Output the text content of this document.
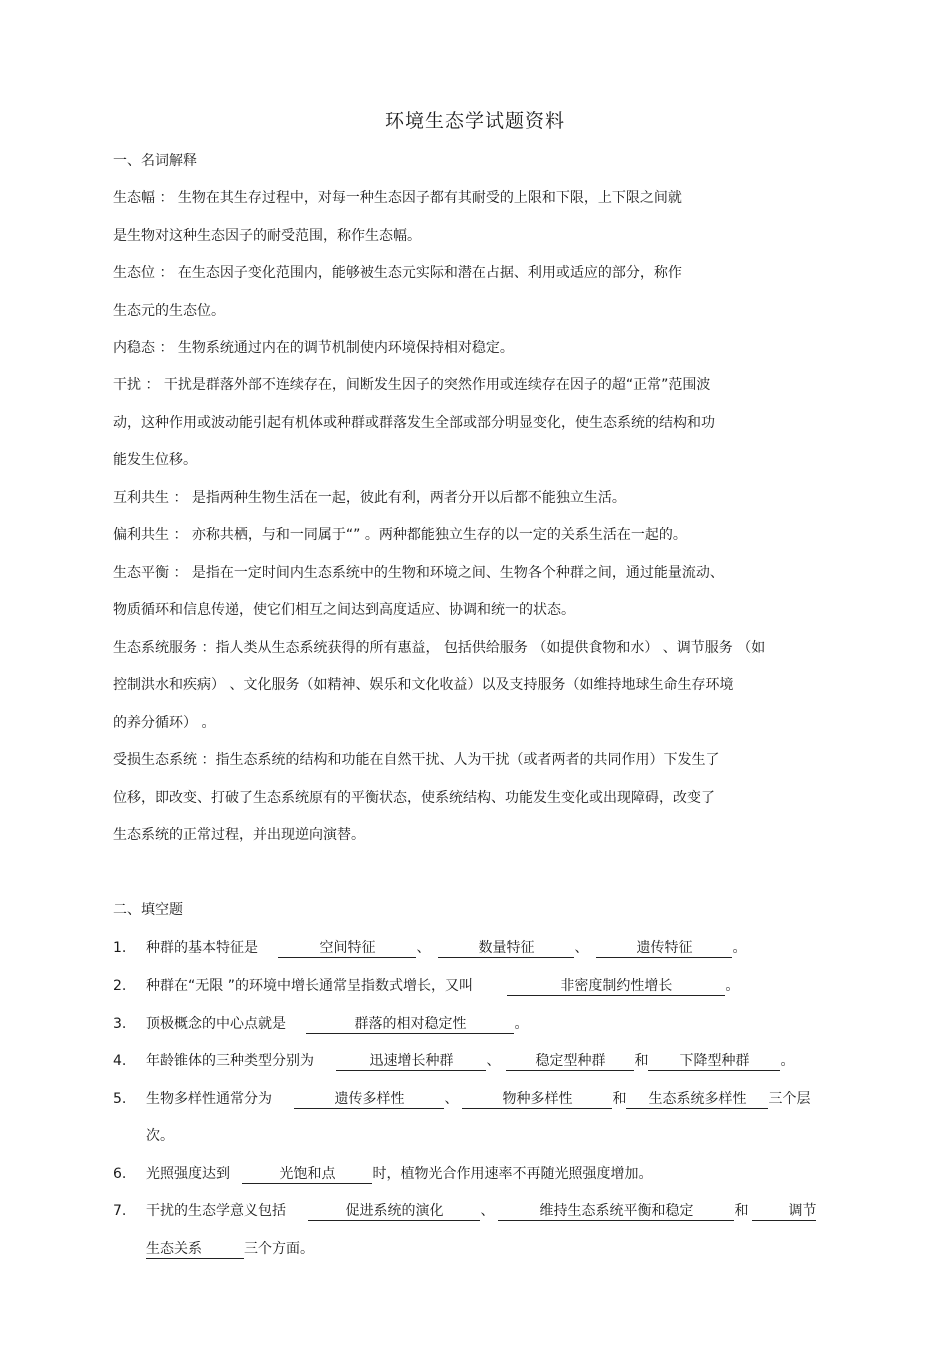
环境生态学试题资料
一、名词解释
生态幅 ： 生物在其生存过程中，对每一种生态因子都有其耐受的上限和下限，上下限之间就
是生物对这种生态因子的耐受范围，称作生态幅。
生态位 ： 在生态因子变化范围内，能够被生态元实际和潜在占据、利用或适应的部分，称作
生态元的生态位。
内稳态 ： 生物系统通过内在的调节机制使内环境保持相对稳定。
干扰 ： 干扰是群落外部不连续存在，间断发生因子的突然作用或连续存在因子的超“正常”范围波
动，这种作用或波动能引起有机体或种群或群落发生全部或部分明显变化，使生态系统的结构和功
能发生位移。
互利共生 ： 是指两种生物生活在一起，彼此有利，两者分开以后都不能独立生活。
偏利共生 ： 亦称共栖，与和一同属于“” 。两种都能独立生存的以一定的关系生活在一起的。
生态平衡 ： 是指在一定时间内生态系统中的生物和环境之间、生物各个种群之间，通过能量流动、
物质循环和信息传递，使它们相互之间达到高度适应、协调和统一的状态。
生态系统服务 ：指人类从生态系统获得的所有惠益， 包括供给服务 （如提供食物和水） 、调节服务 （如
控制洪水和疾病） 、文化服务（如精神、娱乐和文化收益）以及支持服务（如维持地球生命生存环境
的养分循环） 。
受损生态系统 ：指生态系统的结构和功能在自然干扰、人为干扰（或者两者的共同作用）下发生了
位移，即改变、打破了生态系统原有的平衡状态，使系统结构、功能发生变化或出现障碍，改变了
生态系统的正常过程，并出现逆向演替。
二、填空题
1. 种群的基本特征是	空间特征	、	数量特征	、	遗传特征	。
2. 种群在“无限 ”的环境中增长通常呈指数式增长，又叫	非密度制约性增长	。
3. 顶极概念的中心点就是	群落的相对稳定性	。
4. 年龄锥体的三种类型分别为	迅速增长种群 、	稳定型种群 和 下降型种群 。
5. 生物多样性通常分为	遗传多样性	、	物种多样性	和 生态系统多样性 三个层
次。
6. 光照强度达到	光饱和点	时，植物光合作用速率不再随光照强度增加。
7. 干扰的生态学意义包括	促进系统的演化	、	维持生态系统平衡和稳定	和	调节
生态关系	三个方面。
